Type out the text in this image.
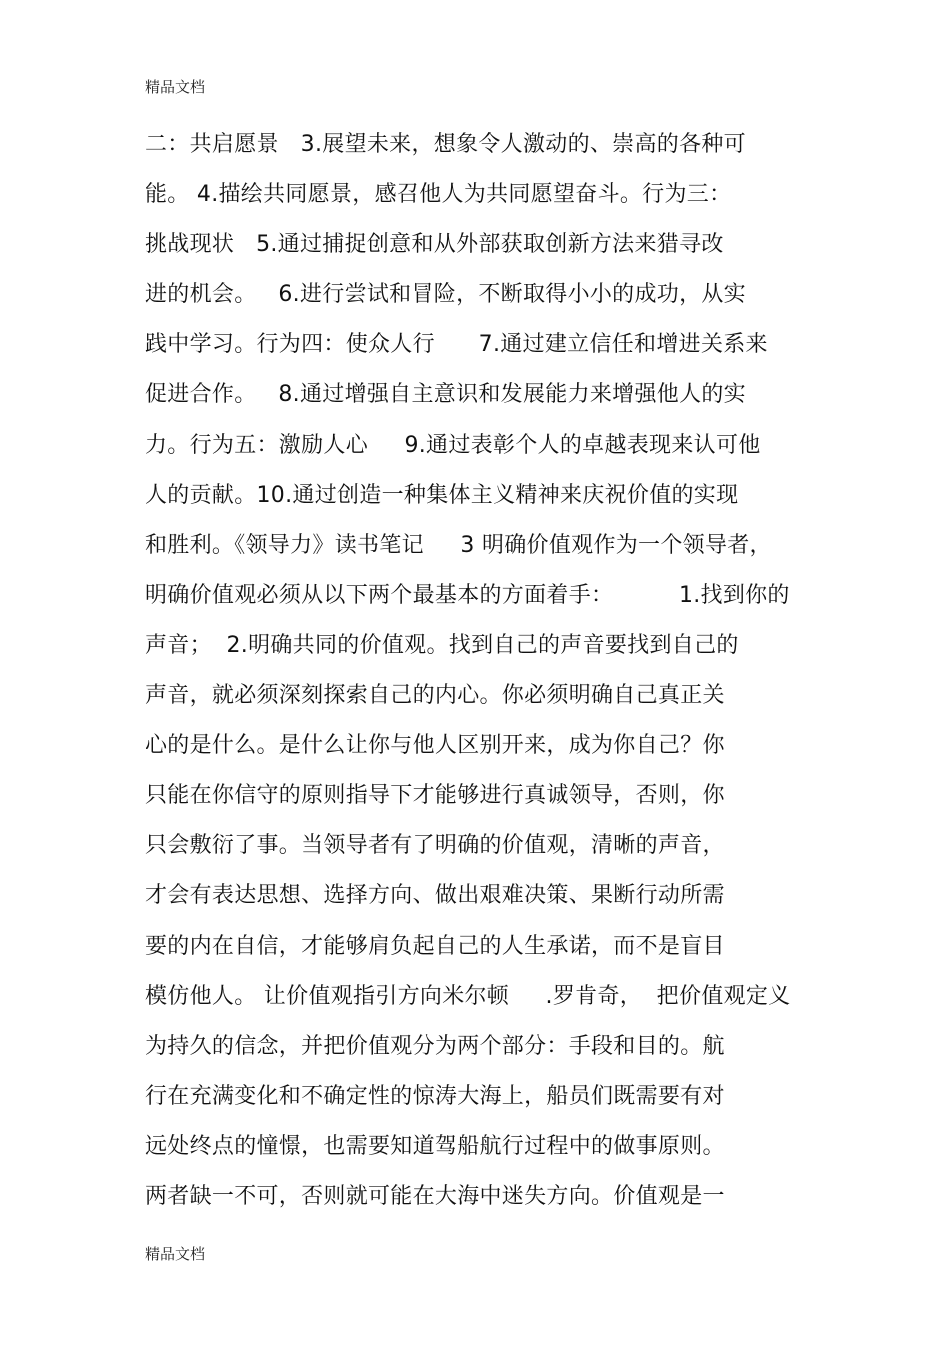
精品文档
二：共启愿景   3.展望未来，想象令人激动的、崇高的各种可
能。 4.描绘共同愿景，感召他人为共同愿望奋斗。行为三：
挑战现状   5.通过捕捉创意和从外部获取创新方法来猎寻改
进的机会。   6.进行尝试和冒险，不断取得小小的成功，从实
践中学习。行为四：使众人行      7.通过建立信任和增进关系来
促进合作。   8.通过增强自主意识和发展能力来增强他人的实
力。行为五：激励人心     9.通过表彰个人的卓越表现来认可他
人的贡献。10.通过创造一种集体主义精神来庆祝价值的实现
和胜利。《领导力》读书笔记     3 明确价值观作为一个领导者，
明确价值观必须从以下两个最基本的方面着手：         1.找到你的
声音；  2.明确共同的价值观。找到自己的声音要找到自己的
声音，就必须深刻探索自己的内心。你必须明确自己真正关
心的是什么。是什么让你与他人区别开来，成为你自己？你
只能在你信守的原则指导下才能够进行真诚领导，否则，你
只会敷衍了事。当领导者有了明确的价值观，清晰的声音，
才会有表达思想、选择方向、做出艰难决策、果断行动所需
要的内在自信，才能够肩负起自己的人生承诺，而不是盲目
模仿他人。 让价值观指引方向米尔顿     .罗肯奇，  把价值观定义
为持久的信念，并把价值观分为两个部分：手段和目的。航
行在充满变化和不确定性的惊涛大海上，船员们既需要有对
远处终点的憧憬，也需要知道驾船航行过程中的做事原则。
两者缺一不可，否则就可能在大海中迷失方向。价值观是一
精品文档
